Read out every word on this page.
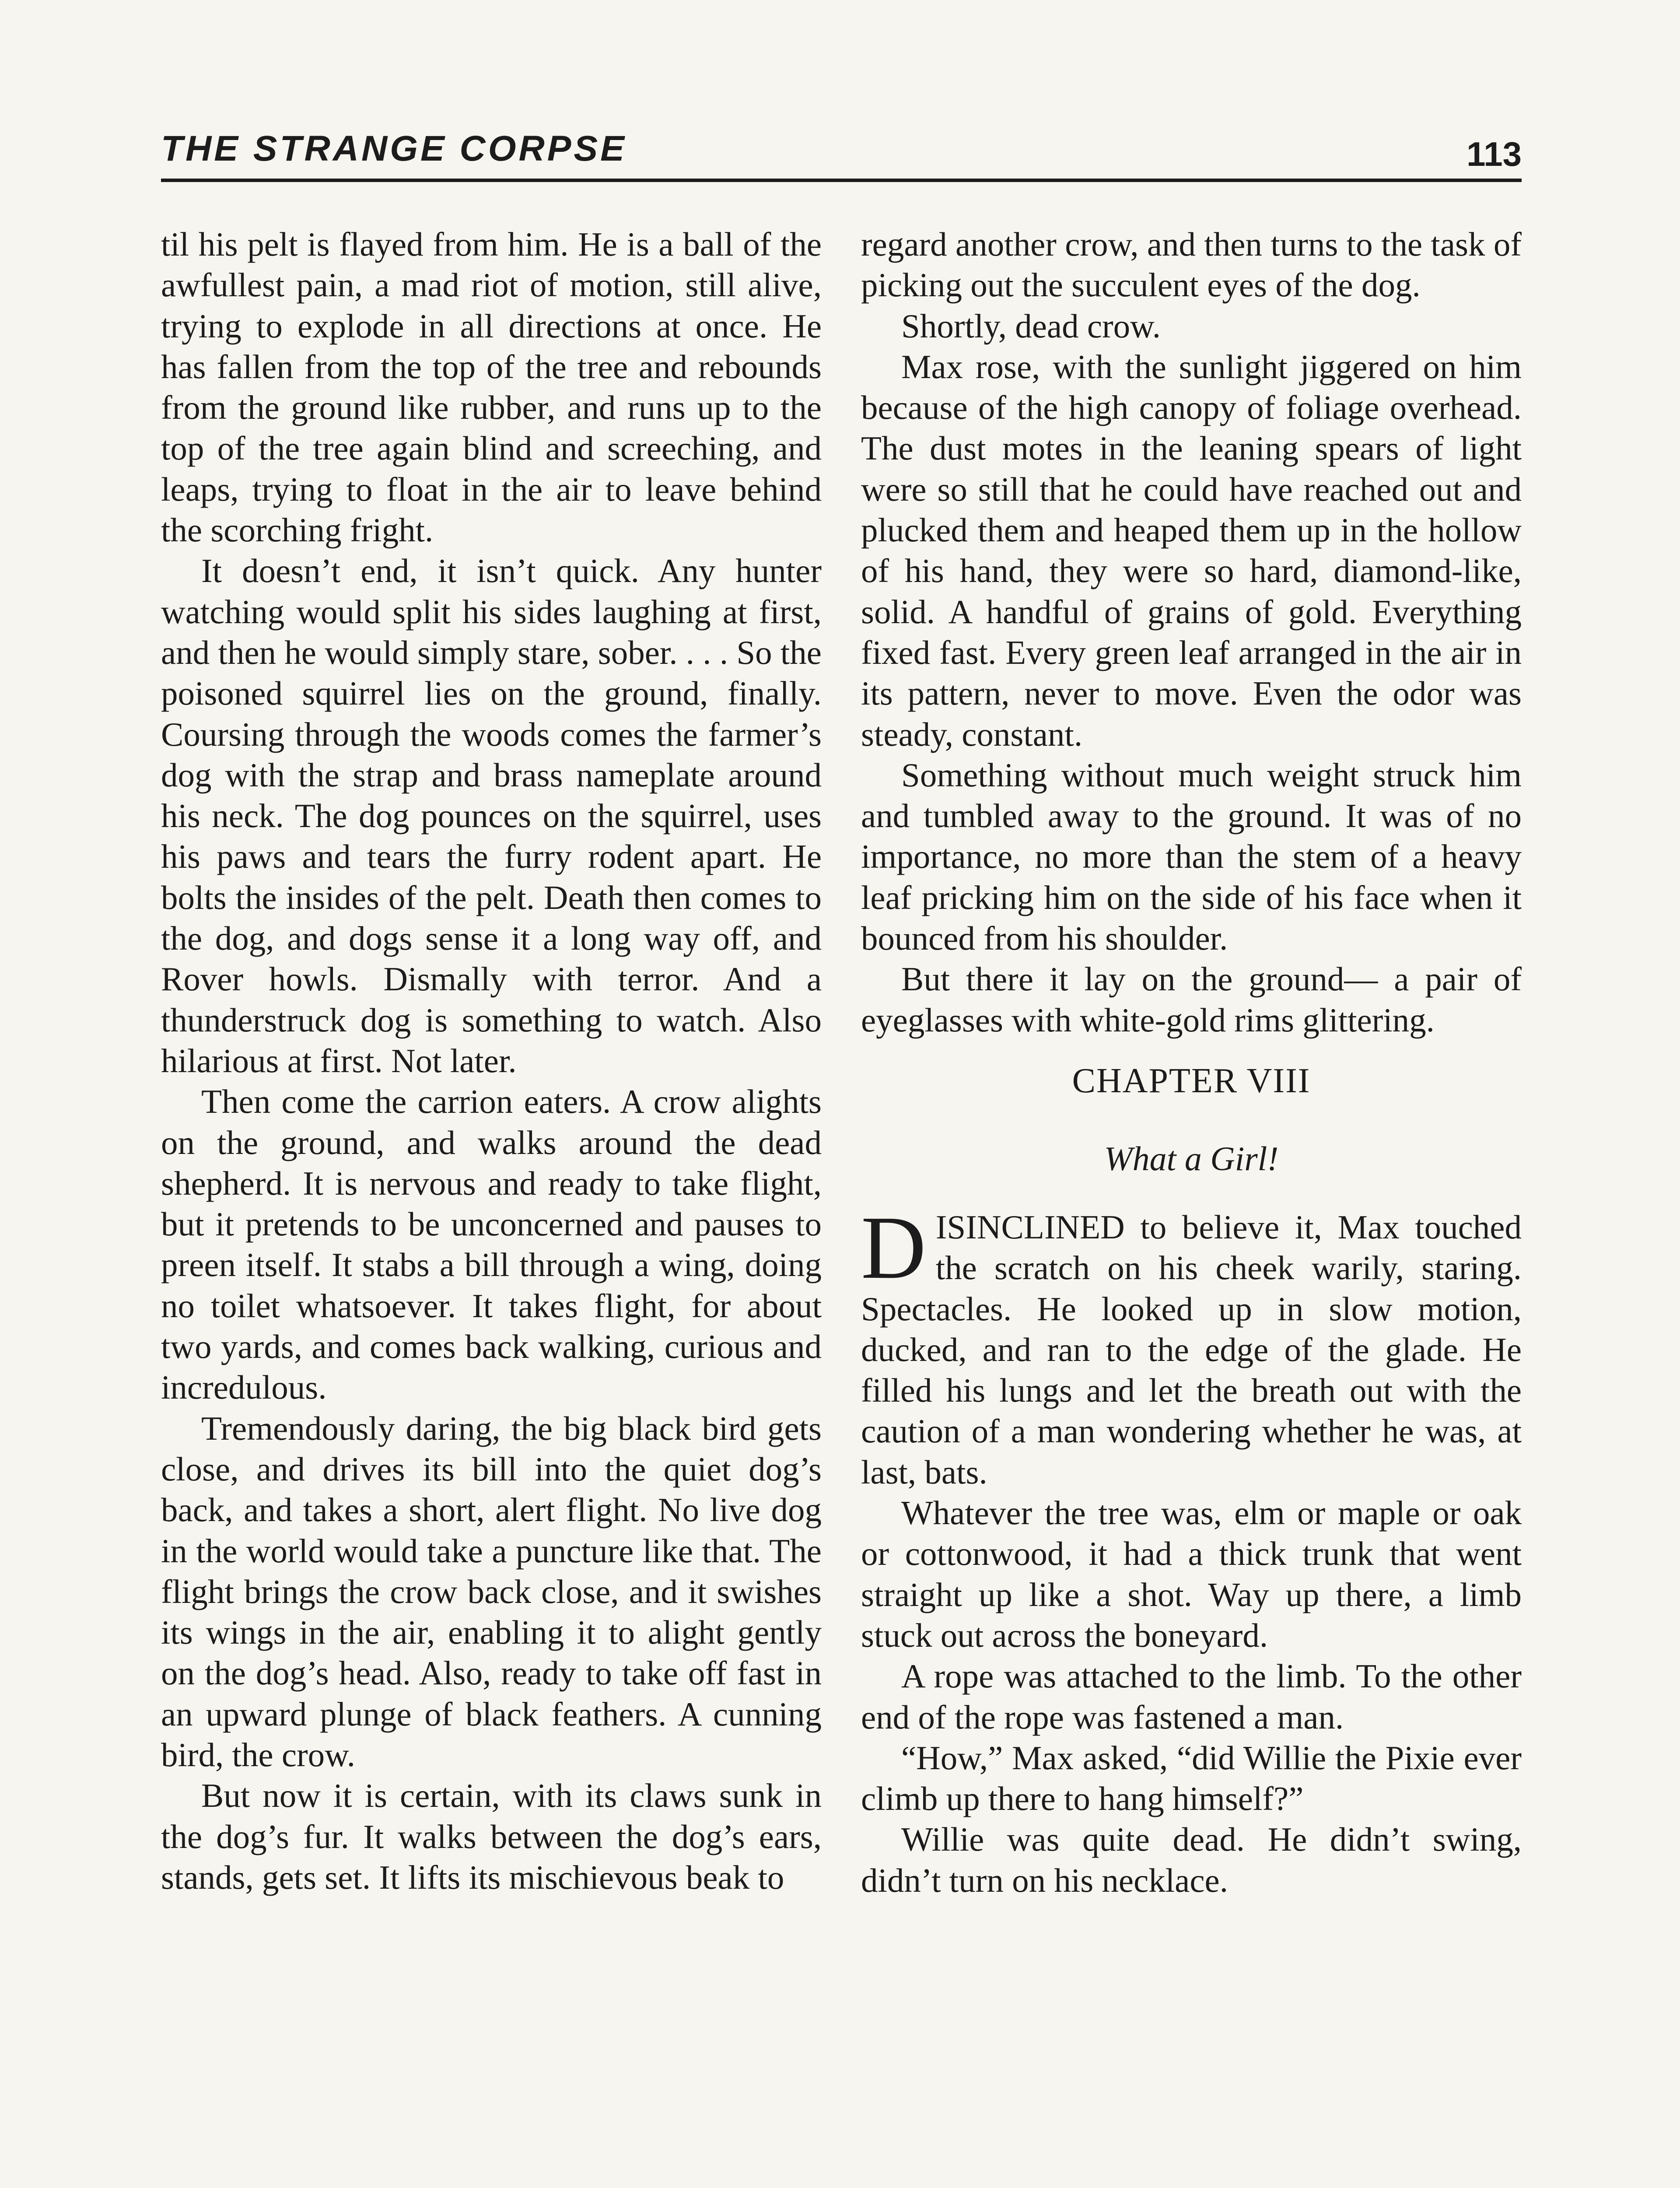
THE STRANGE CORPSE	113

til his pelt is flayed from him. He is a ball of the awfullest pain, a mad riot of motion, still alive, trying to explode in all directions at once. He has fallen from the top of the tree and rebounds from the ground like rubber, and runs up to the top of the tree again blind and screeching, and leaps, trying to float in the air to leave behind the scorching fright.

It doesn’t end, it isn’t quick. Any hunter watching would split his sides laughing at first, and then he would simply stare, sober. . . . So the poisoned squirrel lies on the ground, finally. Coursing through the woods comes the farmer’s dog with the strap and brass nameplate around his neck. The dog pounces on the squirrel, uses his paws and tears the furry rodent apart. He bolts the insides of the pelt. Death then comes to the dog, and dogs sense it a long way off, and Rover howls. Dismally with terror. And a thunderstruck dog is something to watch. Also hilarious at first. Not later.

Then come the carrion eaters. A crow alights on the ground, and walks around the dead shepherd. It is nervous and ready to take flight, but it pretends to be unconcerned and pauses to preen itself. It stabs a bill through a wing, doing no toilet whatsoever. It takes flight, for about two yards, and comes back walking, curious and incredulous.

Tremendously daring, the big black bird gets close, and drives its bill into the quiet dog’s back, and takes a short, alert flight. No live dog in the world would take a puncture like that. The flight brings the crow back close, and it swishes its wings in the air, enabling it to alight gently on the dog’s head. Also, ready to take off fast in an upward plunge of black feathers. A cunning bird, the crow.

But now it is certain, with its claws sunk in the dog’s fur. It walks between the dog’s ears, stands, gets set. It lifts its mischievous beak to

regard another crow, and then turns to the task of picking out the succulent eyes of the dog.

Shortly, dead crow.

Max rose, with the sunlight jiggered on him because of the high canopy of foliage overhead. The dust motes in the leaning spears of light were so still that he could have reached out and plucked them and heaped them up in the hollow of his hand, they were so hard, diamond-like, solid. A handful of grains of gold. Everything fixed fast. Every green leaf arranged in the air in its pattern, never to move. Even the odor was steady, constant.

Something without much weight struck him and tumbled away to the ground. It was of no importance, no more than the stem of a heavy leaf pricking him on the side of his face when it bounced from his shoulder.

But there it lay on the ground— a pair of eyeglasses with white-gold rims glittering.

CHAPTER VIII
What a Girl!

DISINCLINED to believe it, Max touched the scratch on his cheek warily, staring. Spectacles. He looked up in slow motion, ducked, and ran to the edge of the glade. He filled his lungs and let the breath out with the caution of a man wondering whether he was, at last, bats.

Whatever the tree was, elm or maple or oak or cottonwood, it had a thick trunk that went straight up like a shot. Way up there, a limb stuck out across the boneyard.

A rope was attached to the limb. To the other end of the rope was fastened a man.

“How,” Max asked, “did Willie the Pixie ever climb up there to hang himself?”

Willie was quite dead. He didn’t swing, didn’t turn on his necklace.
